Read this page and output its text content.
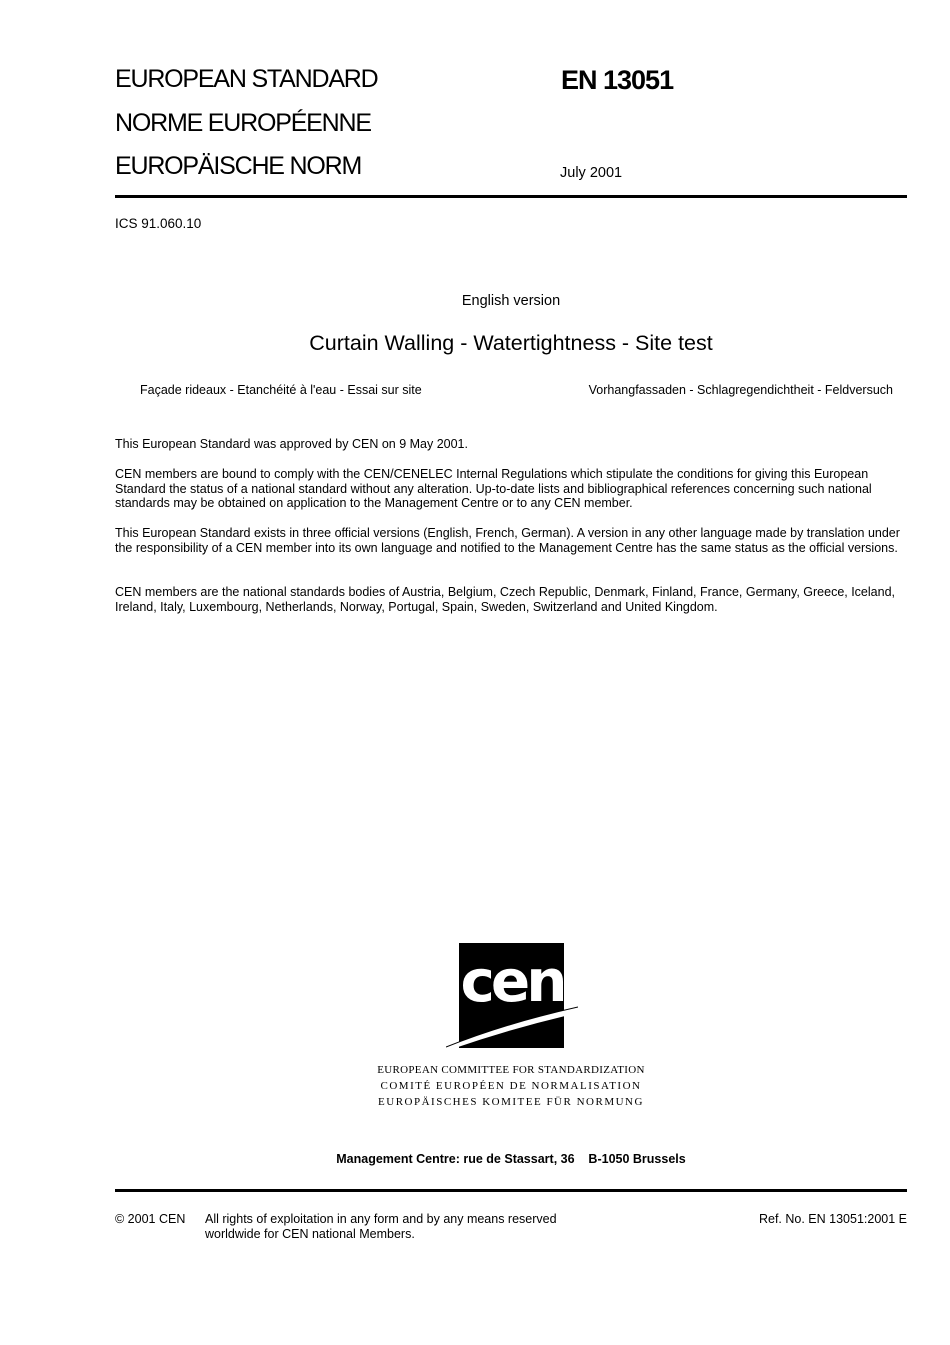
EUROPEAN STANDARD
NORME EUROPÉENNE
EUROPÄISCHE NORM
EN 13051
July 2001
ICS 91.060.10
English version
Curtain Walling - Watertightness - Site test
Façade rideaux - Etanchéité à l'eau - Essai sur site	Vorhangfassaden - Schlagregendichtheit - Feldversuch
This European Standard was approved by CEN on 9 May 2001.
CEN members are bound to comply with the CEN/CENELEC Internal Regulations which stipulate the conditions for giving this European Standard the status of a national standard without any alteration. Up-to-date lists and bibliographical references concerning such national standards may be obtained on application to the Management Centre or to any CEN member.
This European Standard exists in three official versions (English, French, German). A version in any other language made by translation under the responsibility of a CEN member into its own language and notified to the Management Centre has the same status as the official versions.
CEN members are the national standards bodies of Austria, Belgium, Czech Republic, Denmark, Finland, France, Germany, Greece, Iceland, Ireland, Italy, Luxembourg, Netherlands, Norway, Portugal, Spain, Sweden, Switzerland and United Kingdom.
cen
EUROPEAN COMMITTEE FOR STANDARDIZATION
COMITÉ EUROPÉEN DE NORMALISATION
EUROPÄISCHES KOMITEE FÜR NORMUNG
Management Centre: rue de Stassart, 36    B-1050 Brussels
© 2001 CEN All rights of exploitation in any form and by any means reserved
worldwide for CEN national Members.
Ref. No. EN 13051:2001 E
